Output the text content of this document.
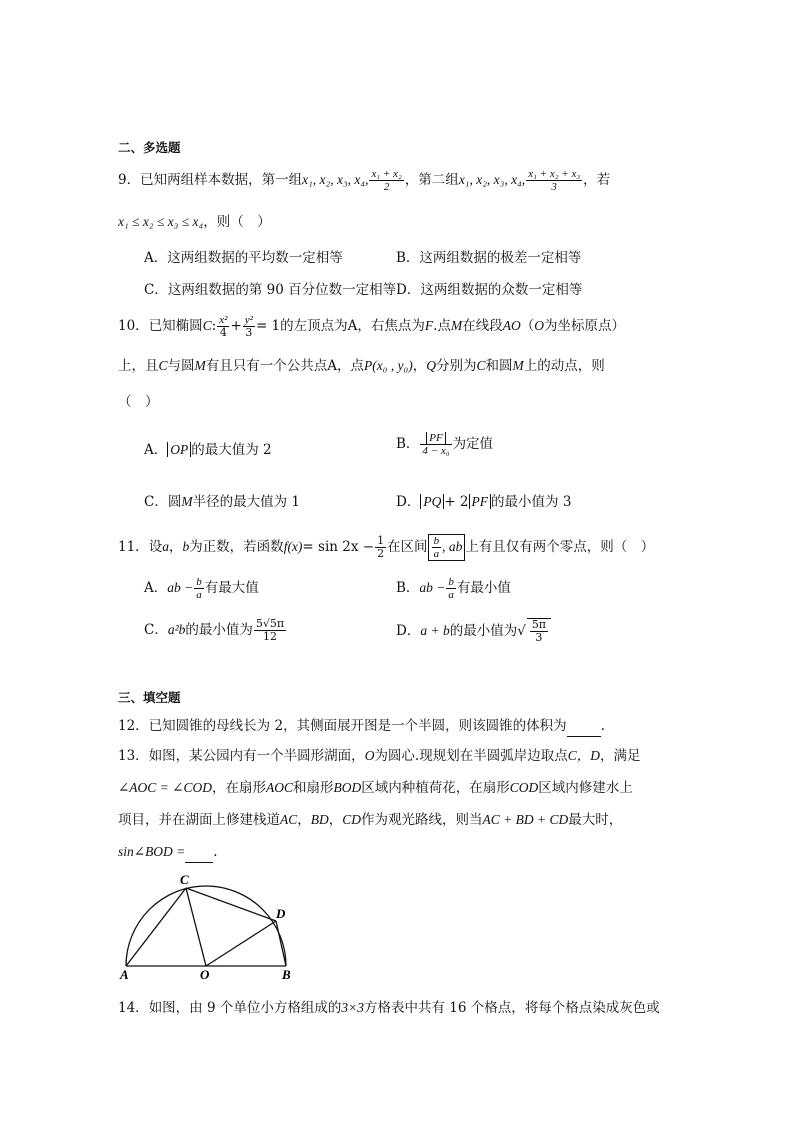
二、多选题
9．已知两组样本数据，第一组x₁, x₂, x₃, x₄, $\frac{\text{x₁ + x₂}}{2}$ ，第二组x₁, x₂, x₃, x₄, $\frac{\text{x₁ + x₂ + x₃}}{3}$ ，若
x₁ ≤ x₂ ≤ x₃ ≤ x₄，则（　）
A．这两组数据的平均数一定相等	B．这两组数据的极差一定相等
C．这两组数据的第 90 百分位数一定相等 D．这两组数据的众数一定相等
10．已知椭圆C: $\frac{\text{x²}}{4} + \frac{\text{y²}}{3} = 1$的左顶点为A，右焦点为F.点M在线段AO（O为坐标原点）
上，且C与圆M有且只有一个公共点A，点P(x₀ , y₀)，Q分别为C和圆M上的动点，则
（　）
A． OP 的最大值为 2	B． $\frac{PF}{\text{4 − x₀}}$ 为定值
C．圆M半径的最大值为 1	D． PQ + 2 PF 的最小值为 3
11．设a，b为正数，若函数$f(x)= \sin 2x - \frac{1}{2}$ 在区间 $\frac{b}{a}$ , ab 上有且仅有两个零点，则（　）
A．ab − $\frac{b}{a}$ 有最大值	B．ab − $\frac{b}{a}$ 有最小值
C．a²b的最小值为 $\frac{5√5\pi}{12}$	D．a + b的最小值为√ $\frac{5\pi}{3}$
三、填空题
12．已知圆锥的母线长为 2，其侧面展开图是一个半圆，则该圆锥的体积为	.
13．如图，某公园内有一个半圆形湖面，O为圆心.现规划在半圆弧岸边取点C，D，满足
∠AOC = ∠COD，在扇形AOC和扇形BOD区域内种植荷花，在扇形COD区域内修建水上
项目，并在湖面上修建栈道AC，BD，CD作为观光路线，则当AC + BD + CD最大时，
sin∠BOD = .
A	O	B
C
D
14．如图，由 9 个单位小方格组成的3×3方格表中共有 16 个格点，将每个格点染成灰色或
